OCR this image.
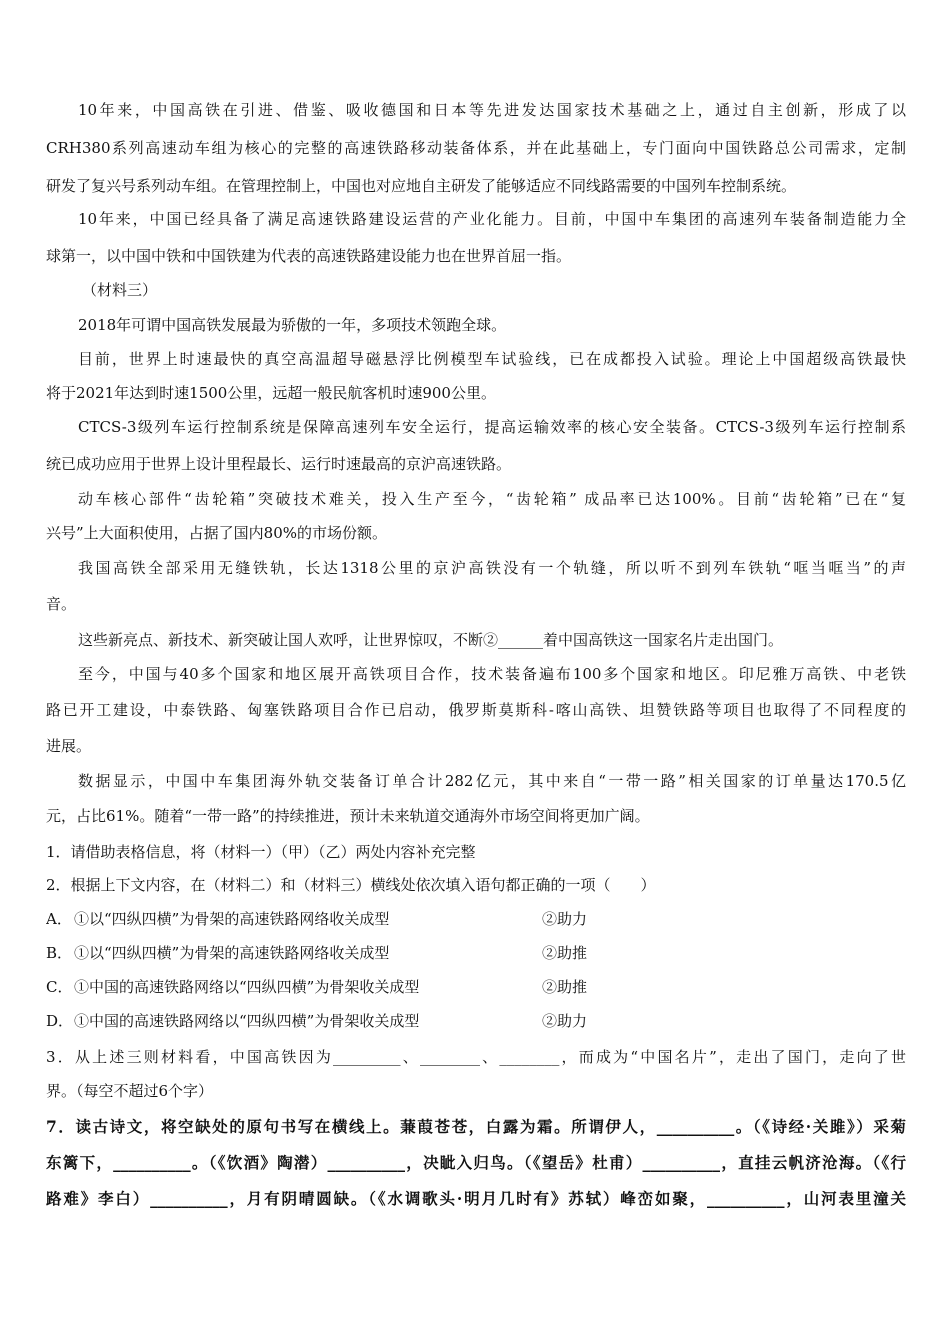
10年来，中国高铁在引进、借鉴、吸收德国和日本等先进发达国家技术基础之上，通过自主创新，形成了以
CRH380系列高速动车组为核心的完整的高速铁路移动装备体系，并在此基础上，专门面向中国铁路总公司需求，定制
研发了复兴号系列动车组。在管理控制上，中国也对应地自主研发了能够适应不同线路需要的中国列车控制系统。
10年来，中国已经具备了满足高速铁路建设运营的产业化能力。目前，中国中车集团的高速列车装备制造能力全
球第一，以中国中铁和中国铁建为代表的高速铁路建设能力也在世界首屈一指。
（材料三）
2018年可谓中国高铁发展最为骄傲的一年，多项技术领跑全球。
目前，世界上时速最快的真空高温超导磁悬浮比例模型车试验线，已在成都投入试验。理论上中国超级高铁最快
将于2021年达到时速1500公里，远超一般民航客机时速900公里。
CTCS-3级列车运行控制系统是保障高速列车安全运行，提高运输效率的核心安全装备。CTCS-3级列车运行控制系
统已成功应用于世界上设计里程最长、运行时速最高的京沪高速铁路。
动车核心部件“齿轮箱”突破技术难关，投入生产至今，“齿轮箱” 成品率已达100%。目前“齿轮箱”已在“复
兴号”上大面积使用，占据了国内80%的市场份额。
我国高铁全部采用无缝铁轨，长达1318公里的京沪高铁没有一个轨缝，所以听不到列车铁轨“哐当哐当”的声
音。
这些新亮点、新技术、新突破让国人欢呼，让世界惊叹，不断②______着中国高铁这一国家名片走出国门。
至今，中国与40多个国家和地区展开高铁项目合作，技术装备遍布100多个国家和地区。印尼雅万高铁、中老铁
路已开工建设，中泰铁路、匈塞铁路项目合作已启动，俄罗斯莫斯科-喀山高铁、坦赞铁路等项目也取得了不同程度的
进展。
数据显示，中国中车集团海外轨交装备订单合计282亿元，其中来自“一带一路”相关国家的订单量达170.5亿
元，占比61%。随着“一带一路”的持续推进，预计未来轨道交通海外市场空间将更加广阔。
1．请借助表格信息，将（材料一）（甲）（乙）两处内容补充完整
2．根据上下文内容，在（材料二）和（材料三）横线处依次填入语句都正确的一项（　　）
A． ①以“四纵四横”为骨架的高速铁路网络收关成型	②助力
B． ①以“四纵四横”为骨架的高速铁路网络收关成型	②助推
C． ①中国的高速铁路网络以“四纵四横”为骨架收关成型	②助推
D．①中国的高速铁路网络以“四纵四横”为骨架收关成型	②助力
3．从上述三则材料看，中国高铁因为_________、________、________，而成为“中国名片”，走出了国门，走向了世
界。（每空不超过6个字）
7．读古诗文，将空缺处的原句书写在横线上。蒹葭苍苍，白露为霜。所谓伊人，__________。（《诗经·关雎》）采菊
东篱下，__________。（《饮酒》陶潜）__________，决眦入归鸟。（《望岳》杜甫）__________，直挂云帆济沧海。（《行
路难》李白）__________，月有阴晴圆缺。（《水调歌头·明月几时有》苏轼）峰峦如聚，__________，山河表里潼关
